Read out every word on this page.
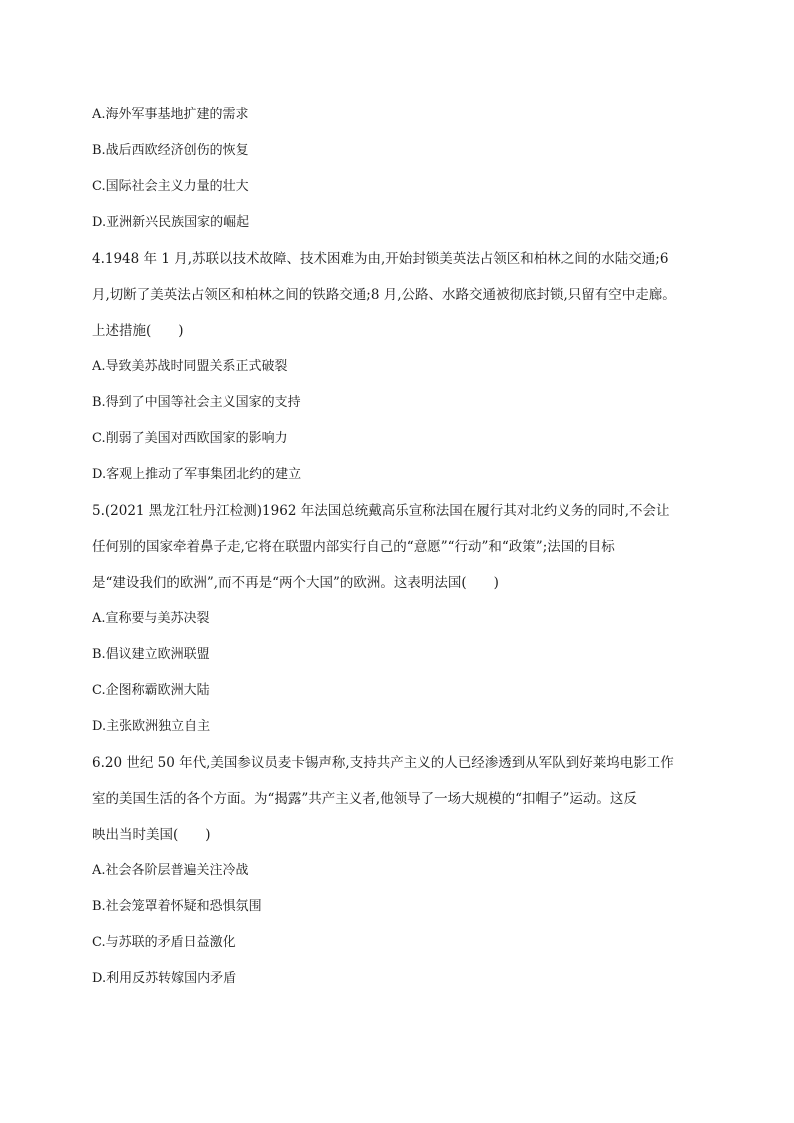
A.海外军事基地扩建的需求
B.战后西欧经济创伤的恢复
C.国际社会主义力量的壮大
D.亚洲新兴民族国家的崛起
4.1948 年 1 月,苏联以技术故障、技术困难为由,开始封锁美英法占领区和柏林之间的水陆交通;6
月,切断了美英法占领区和柏林之间的铁路交通;8 月,公路、水路交通被彻底封锁,只留有空中走廊。
上述措施(　　)
A.导致美苏战时同盟关系正式破裂
B.得到了中国等社会主义国家的支持
C.削弱了美国对西欧国家的影响力
D.客观上推动了军事集团北约的建立
5.(2021 黑龙江牡丹江检测)1962 年法国总统戴高乐宣称法国在履行其对北约义务的同时,不会让
任何别的国家牵着鼻子走,它将在联盟内部实行自己的“意愿”“行动”和“政策”;法国的目标
是“建设我们的欧洲”,而不再是“两个大国”的欧洲。这表明法国(　　)
A.宣称要与美苏决裂
B.倡议建立欧洲联盟
C.企图称霸欧洲大陆
D.主张欧洲独立自主
6.20 世纪 50 年代,美国参议员麦卡锡声称,支持共产主义的人已经渗透到从军队到好莱坞电影工作
室的美国生活的各个方面。为“揭露”共产主义者,他领导了一场大规模的“扣帽子”运动。这反
映出当时美国(　　)
A.社会各阶层普遍关注冷战
B.社会笼罩着怀疑和恐惧氛围
C.与苏联的矛盾日益激化
D.利用反苏转嫁国内矛盾
